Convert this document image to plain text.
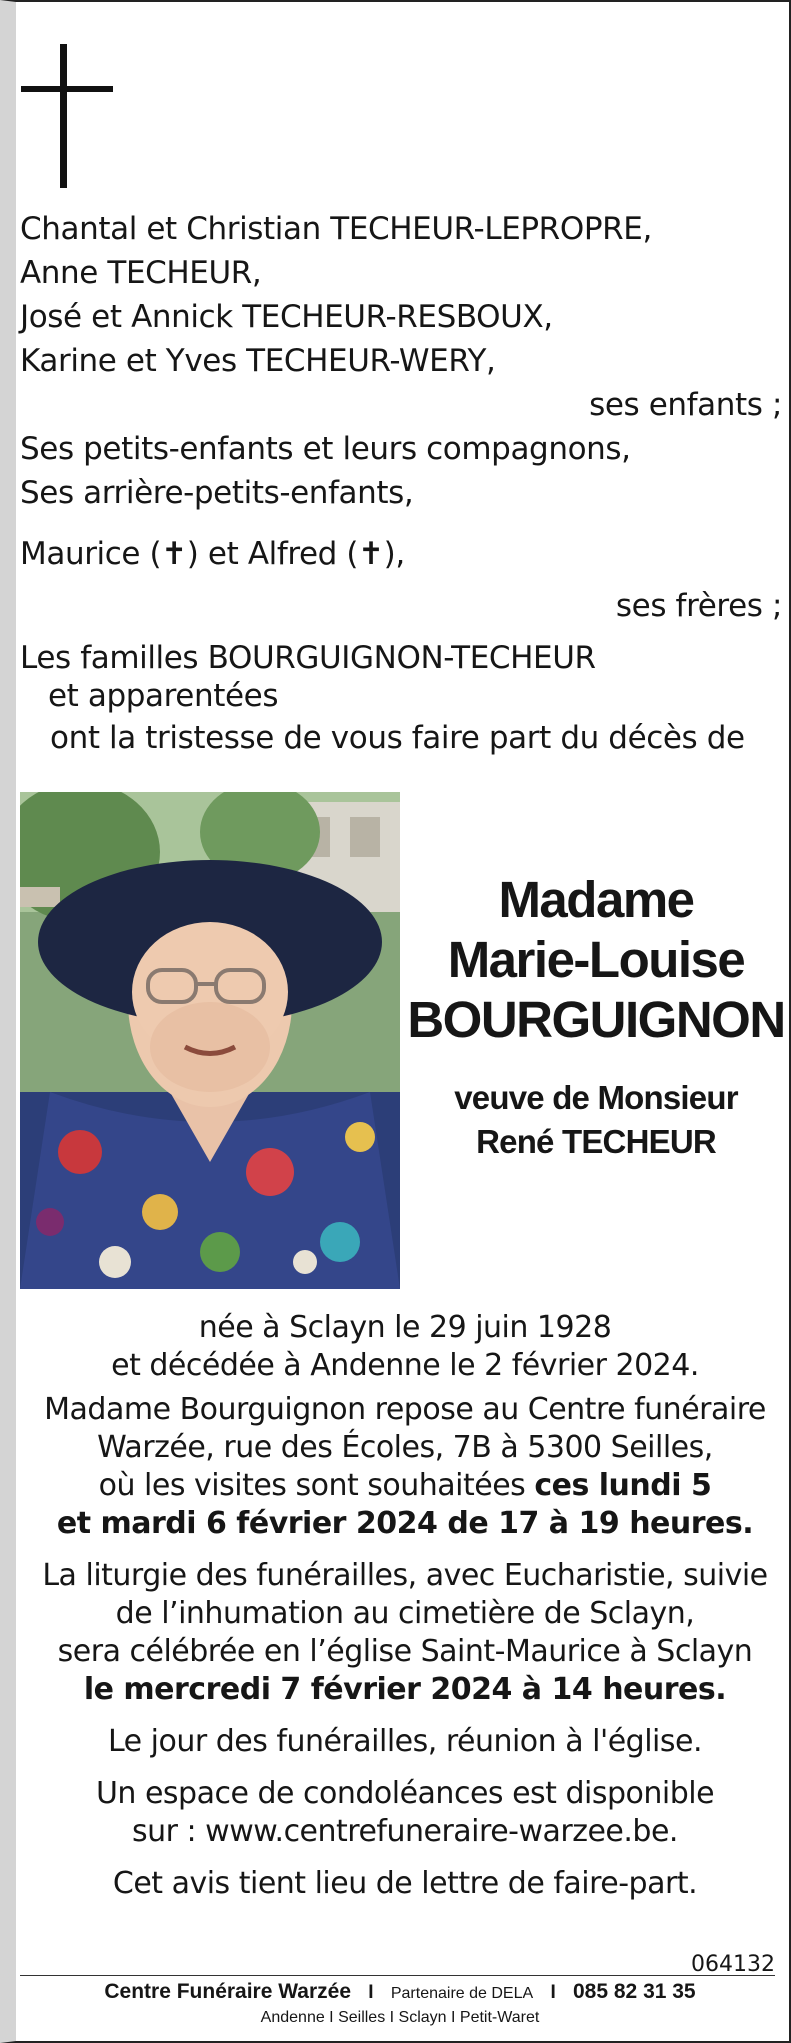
Chantal et Christian TECHEUR-LEPROPRE,
Anne TECHEUR,
José et Annick TECHEUR-RESBOUX,
Karine et Yves TECHEUR-WERY,
ses enfants ;
Ses petits-enfants et leurs compagnons,
Ses arrière-petits-enfants,
Maurice (✝) et Alfred (✝),
ses frères ;
Les familles BOURGUIGNON-TECHEUR
et apparentées
ont la tristesse de vous faire part du décès de
Madame
Marie-Louise
BOURGUIGNON
veuve de Monsieur
René TECHEUR
née à Sclayn le 29 juin 1928
et décédée à Andenne le 2 février 2024.
Madame Bourguignon repose au Centre funéraire
Warzée, rue des Écoles, 7B à 5300 Seilles,
où les visites sont souhaitées ces lundi 5
et mardi 6 février 2024 de 17 à 19 heures.
La liturgie des funérailles, avec Eucharistie, suivie
de l’inhumation au cimetière de Sclayn,
sera célébrée en l’église Saint-Maurice à Sclayn
le mercredi 7 février 2024 à 14 heures.
Le jour des funérailles, réunion à l'église.
Un espace de condoléances est disponible
sur : www.centrefuneraire-warzee.be.
Cet avis tient lieu de lettre de faire-part.
064132
Centre Funéraire Warzée I Partenaire de DELA I 085 82 31 35
Andenne I Seilles I Sclayn I Petit-Waret
